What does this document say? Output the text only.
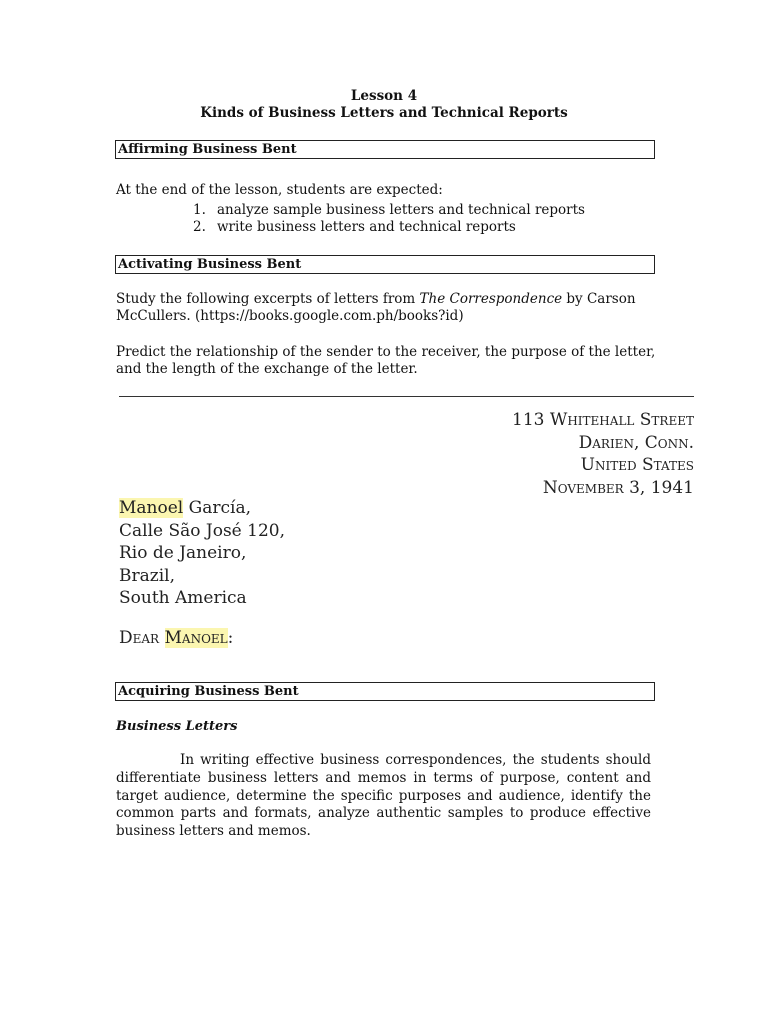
Lesson 4
Kinds of Business Letters and Technical Reports
Affirming Business Bent
At the end of the lesson, students are expected:
1. analyze sample business letters and technical reports
2. write business letters and technical reports
Activating Business Bent
Study the following excerpts of letters from The Correspondence by Carson
McCullers. (https://books.google.com.ph/books?id)
Predict the relationship of the sender to the receiver, the purpose of the letter,
and the length of the exchange of the letter.
113 Whitehall Street
Darien, Conn.
United States
November 3, 1941
Manoel García,
Calle São José 120,
Rio de Janeiro,
Brazil,
South America
Dear Manoel:
Acquiring Business Bent
Business Letters
In writing effective business correspondences, the students should differentiate business letters and memos in terms of purpose, content and target audience, determine the specific purposes and audience, identify the common parts and formats, analyze authentic samples to produce effective business letters and memos.
